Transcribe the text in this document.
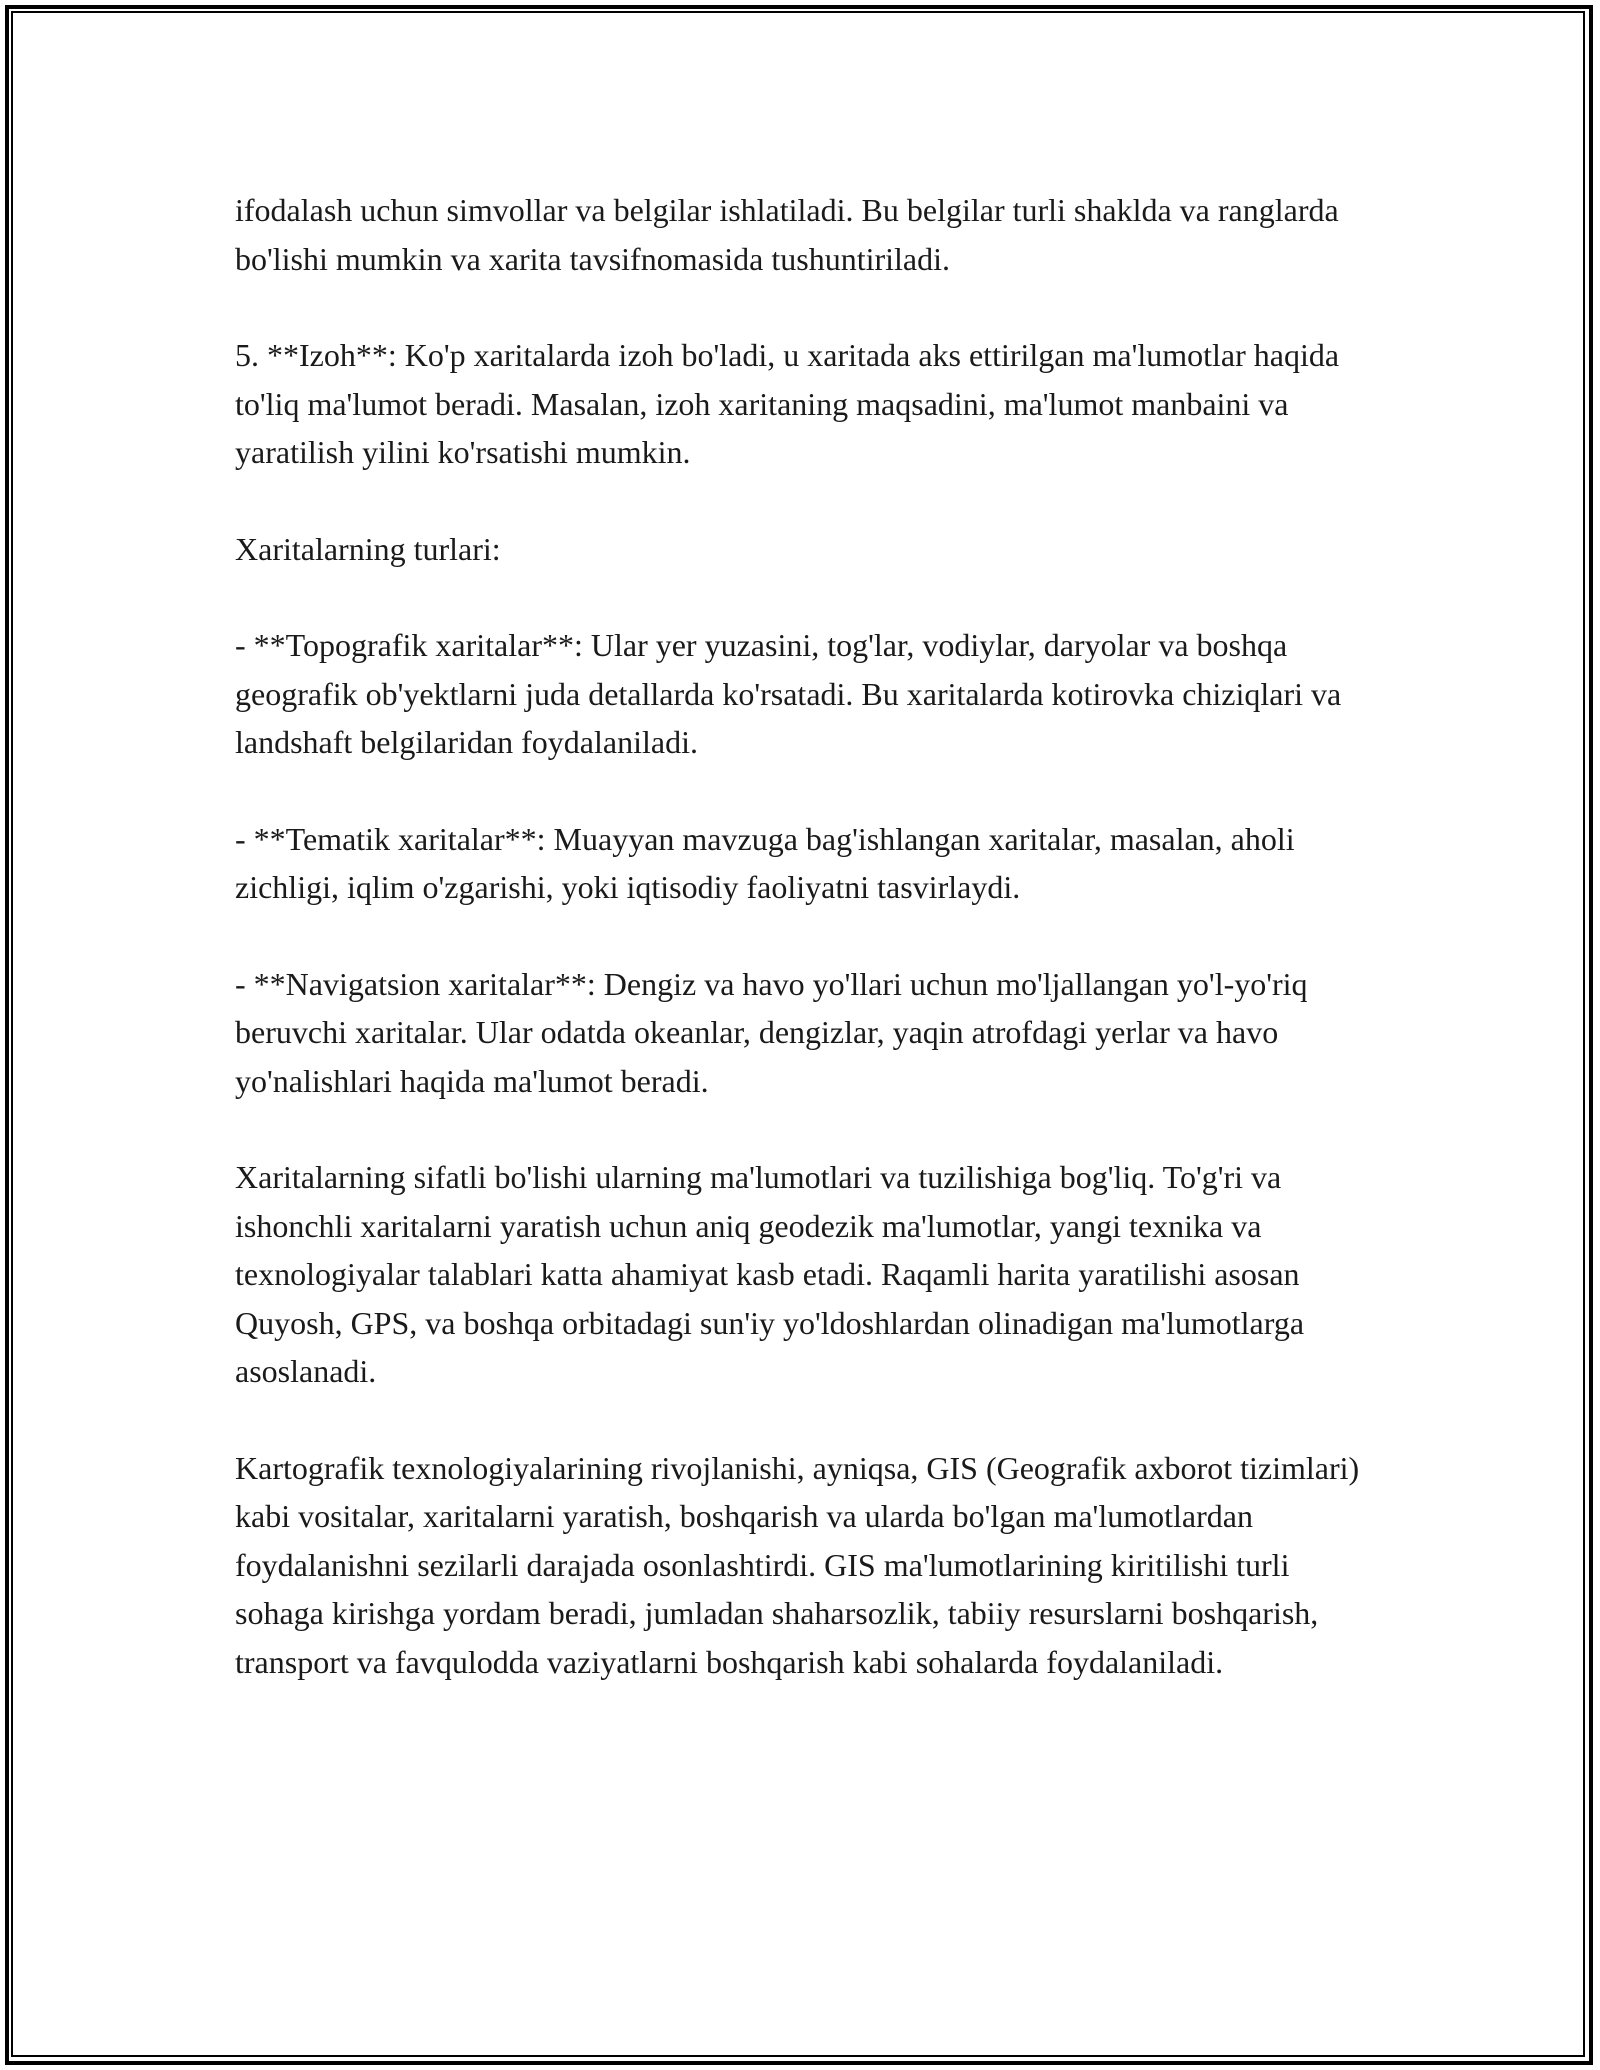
ifodalash uchun simvollar va belgilar ishlatiladi. Bu belgilar turli shaklda va ranglarda bo'lishi mumkin va xarita tavsifnomasida tushuntiriladi.

5. **Izoh**: Ko'p xaritalarda izoh bo'ladi, u xaritada aks ettirilgan ma'lumotlar haqida to'liq ma'lumot beradi. Masalan, izoh xaritaning maqsadini, ma'lumot manbaini va yaratilish yilini ko'rsatishi mumkin.

Xaritalarning turlari:

- **Topografik xaritalar**: Ular yer yuzasini, tog'lar, vodiylar, daryolar va boshqa geografik ob'yektlarni juda detallarda ko'rsatadi. Bu xaritalarda kotirovka chiziqlari va landshaft belgilaridan foydalaniladi.

- **Tematik xaritalar**: Muayyan mavzuga bag'ishlangan xaritalar, masalan, aholi zichligi, iqlim o'zgarishi, yoki iqtisodiy faoliyatni tasvirlaydi.

- **Navigatsion xaritalar**: Dengiz va havo yo'llari uchun mo'ljallangan yo'l-yo'riq beruvchi xaritalar. Ular odatda okeanlar, dengizlar, yaqin atrofdagi yerlar va havo yo'nalishlari haqida ma'lumot beradi.

Xaritalarning sifatli bo'lishi ularning ma'lumotlari va tuzilishiga bog'liq. To'g'ri va ishonchli xaritalarni yaratish uchun aniq geodezik ma'lumotlar, yangi texnika va texnologiyalar talablari katta ahamiyat kasb etadi. Raqamli harita yaratilishi asosan Quyosh, GPS, va boshqa orbitadagi sun'iy yo'ldoshlardan olinadigan ma'lumotlarga asoslanadi.

Kartografik texnologiyalarining rivojlanishi, ayniqsa, GIS (Geografik axborot tizimlari) kabi vositalar, xaritalarni yaratish, boshqarish va ularda bo'lgan ma'lumotlardan foydalanishni sezilarli darajada osonlashtirdi. GIS ma'lumotlarining kiritilishi turli sohaga kirishga yordam beradi, jumladan shaharsozlik, tabiiy resurslarni boshqarish, transport va favqulodda vaziyatlarni boshqarish kabi sohalarda foydalaniladi.
